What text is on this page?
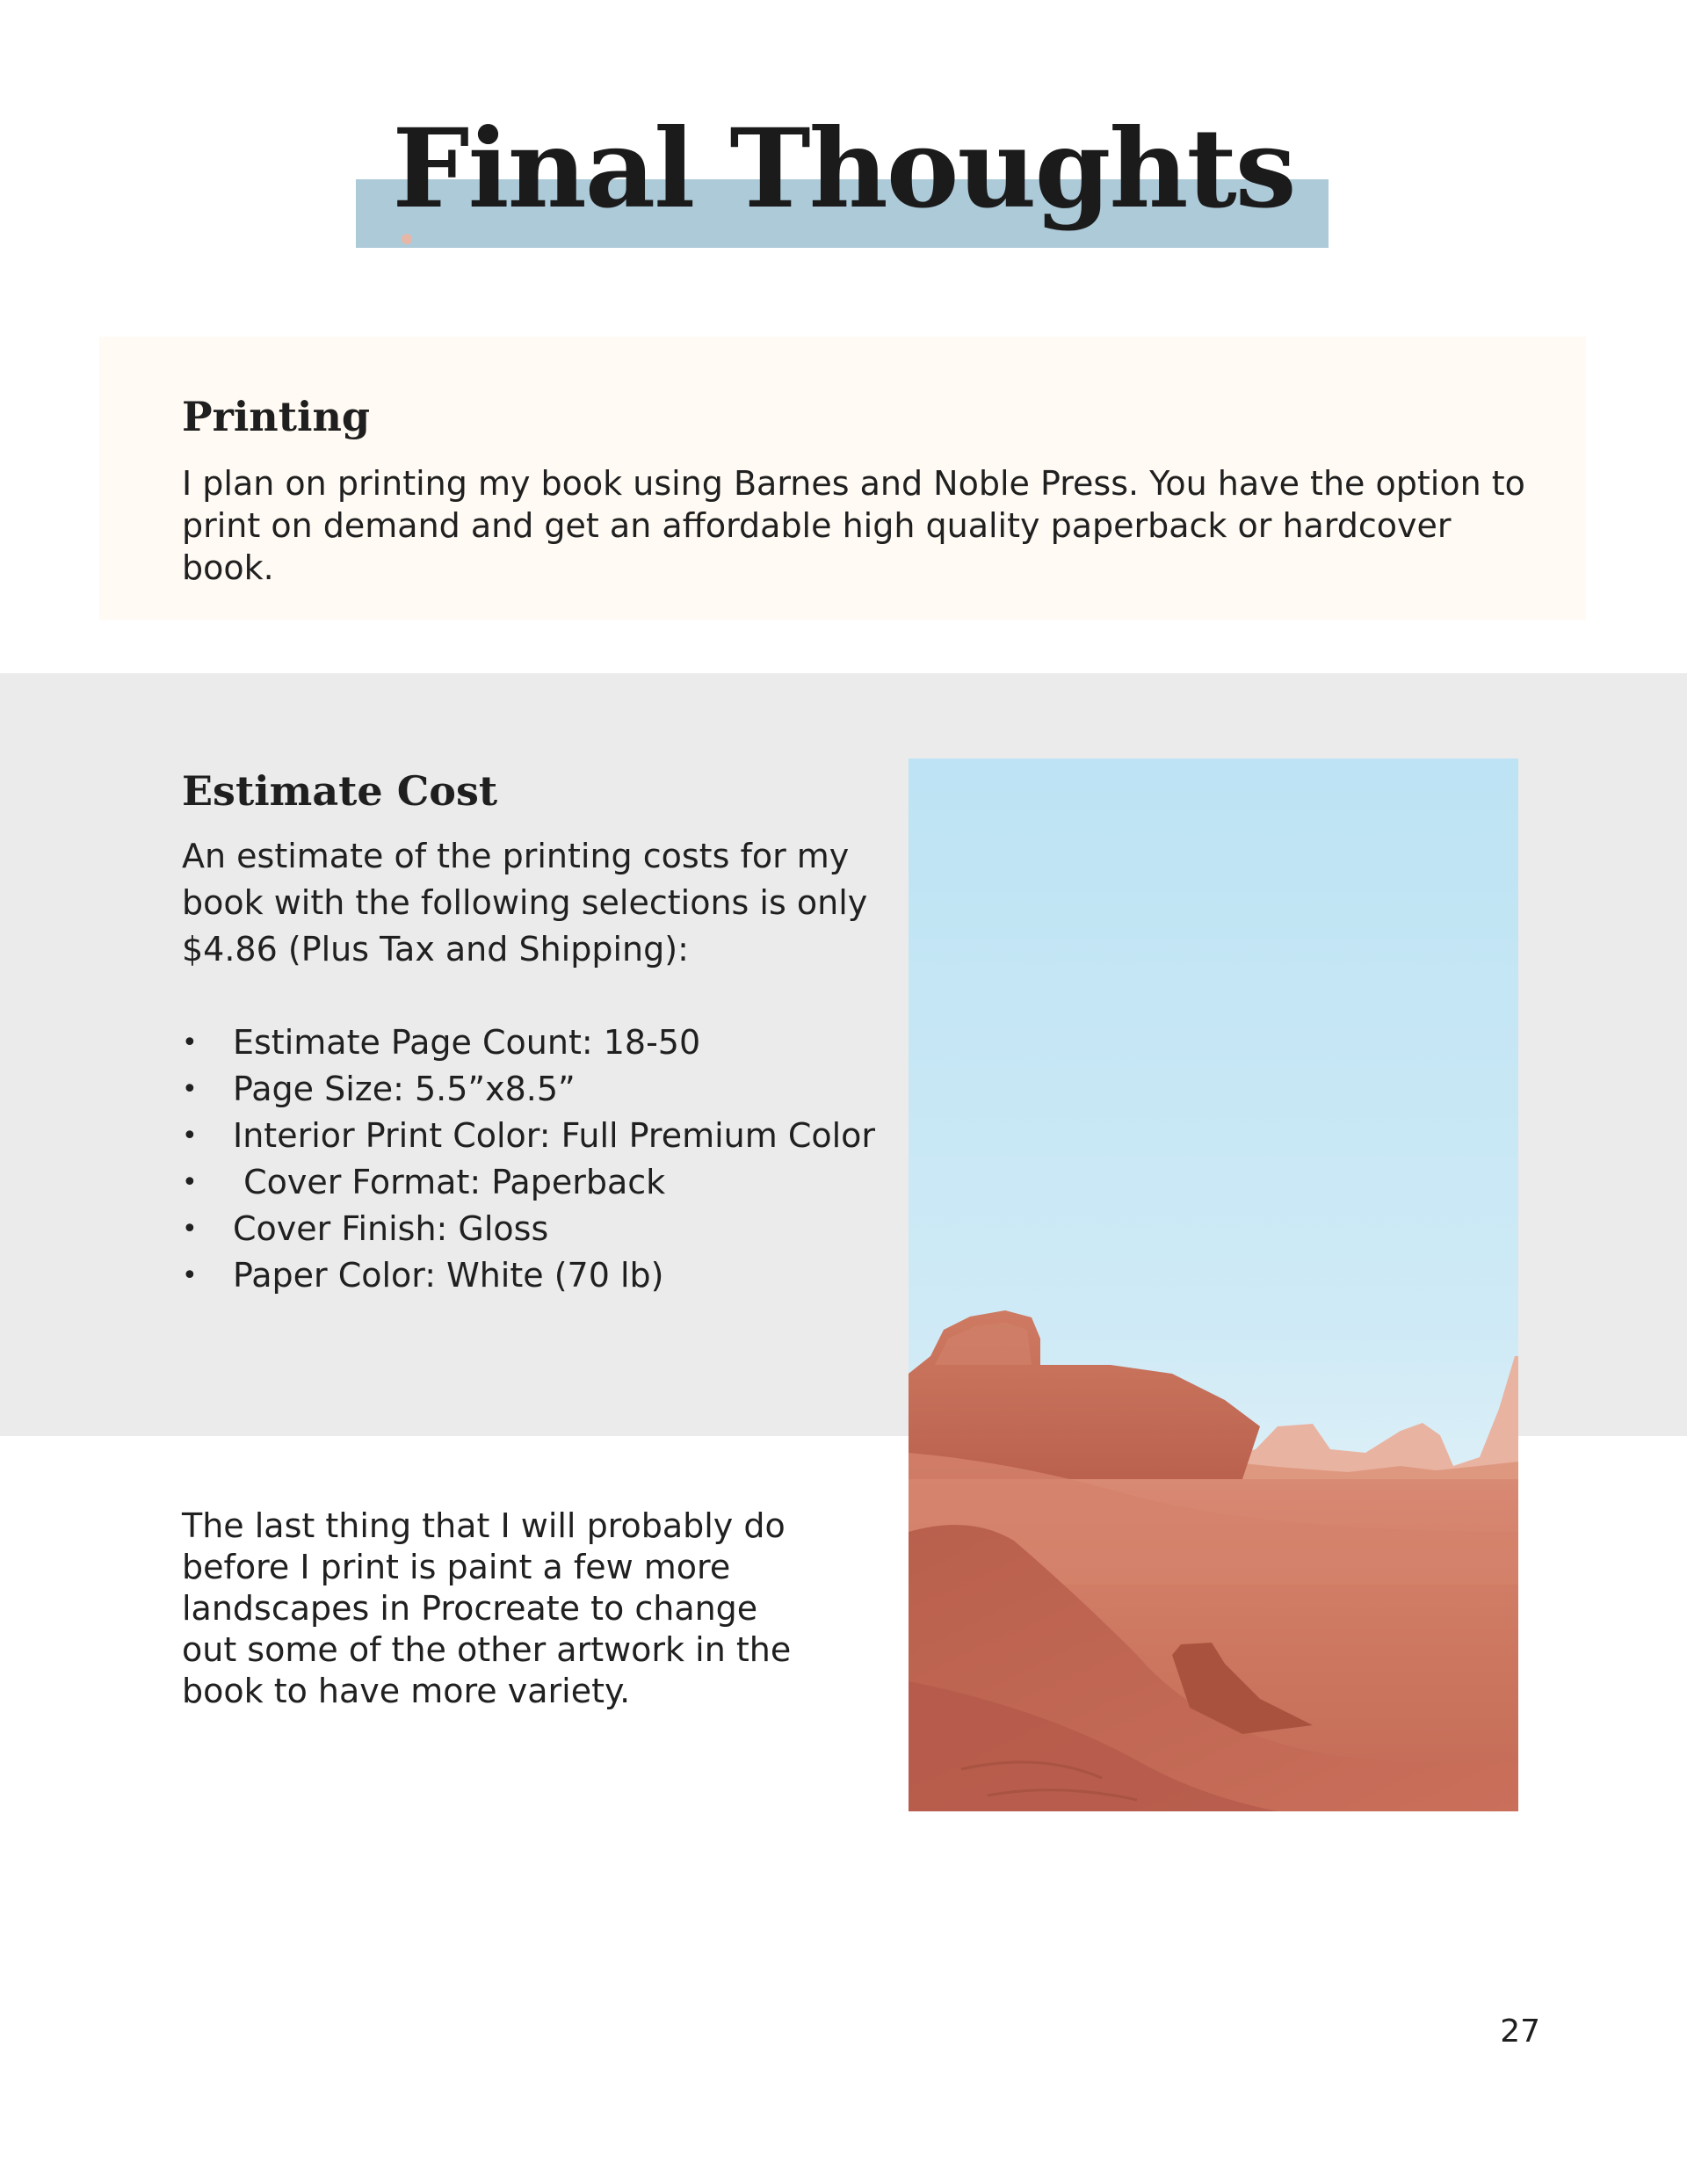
Final Thoughts
Printing

I plan on printing my book using Barnes and Noble Press. You have the option to print on demand and get an affordable high quality paperback or hardcover book.

Estimate Cost

An estimate of the printing costs for my book with the following selections is only $4.86 (Plus Tax and Shipping):

• Estimate Page Count: 18-50
• Page Size: 5.5”x8.5”
• Interior Print Color: Full Premium Color
• Cover Format: Paperback
• Cover Finish: Gloss
• Paper Color: White (70 lb)

The last thing that I will probably do before I print is paint a few more landscapes in Procreate to change out some of the other artwork in the book to have more variety.

27
